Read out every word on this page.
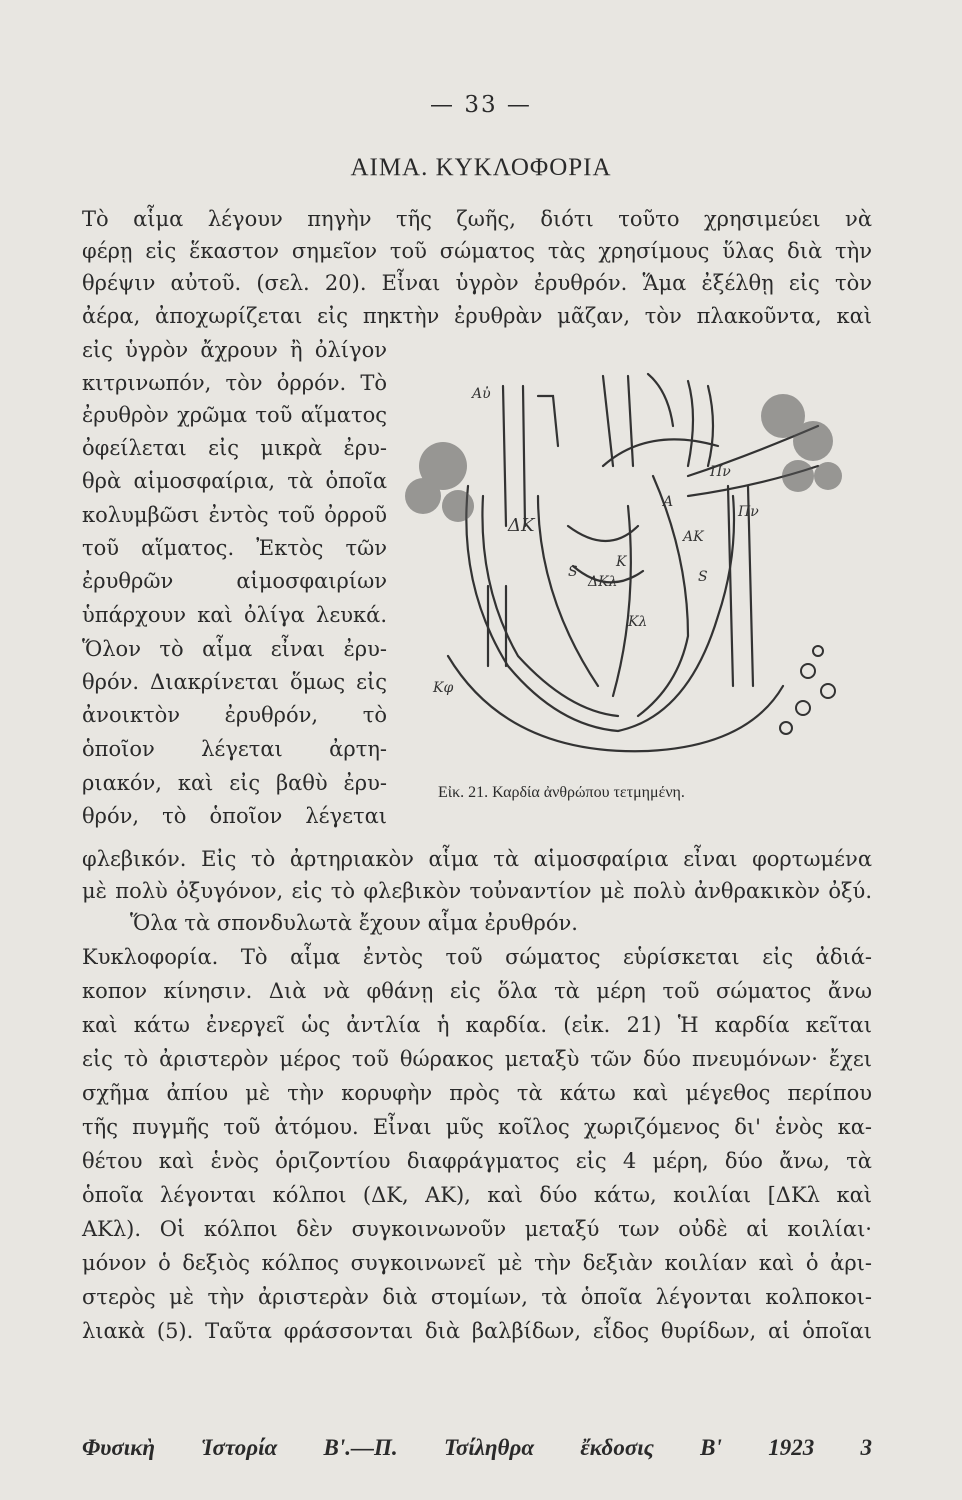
— 33 —
ΑΙΜΑ. ΚΥΚΛΟΦΟΡΙΑ
Τὸ αἷμα λέγουν πηγὴν τῆς ζωῆς, διότι τοῦτο χρησιμεύει νὰ
φέρῃ εἰς ἕκαστον σημεῖον τοῦ σώματος τὰς χρησίμους ὕλας διὰ τὴν
θρέψιν αὐτοῦ. (σελ. 20). Εἶναι ὑγρὸν ἐρυθρόν. Ἅμα ἐξέλθῃ εἰς τὸν
ἀέρα, ἀποχωρίζεται εἰς πηκτὴν ἐρυθρὰν μᾶζαν, τὸν πλακοῦντα, καὶ
εἰς ὑγρὸν ἄχρουν ἢ ὀλίγον
κιτρινωπόν, τὸν ὀρρόν. Τὸ
ἐρυθρὸν χρῶμα τοῦ αἵματος
ὀφείλεται εἰς μικρὰ ἐρυ-
θρὰ αἱμοσφαίρια, τὰ ὁποῖα
κολυμβῶσι ἐντὸς τοῦ ὀρροῦ
τοῦ αἵματος. Ἐκτὸς τῶν
ἐρυθρῶν αἱμοσφαιρίων
ὑπάρχουν καὶ ὀλίγα λευκά.
Ὅλον τὸ αἷμα εἶναι ἐρυ-
θρόν. Διακρίνεται ὅμως εἰς
ἀνοικτὸν ἐρυθρόν, τὸ
ὁποῖον λέγεται ἀρτη-
ριακόν, καὶ εἰς βαθὺ ἐρυ-
θρόν, τὸ ὁποῖον λέγεται
Αὐ
ΔΚ
Πν
Πν
ΑΚ
ΔΚλ
Κλ
Κφ
S	S
Α
Κ
Εἰκ. 21. Καρδία ἀνθρώπου τετμημένη.
φλεβικόν. Εἰς τὸ ἀρτηριακὸν αἷμα τὰ αἱμοσφαίρια εἶναι φορτωμένα
μὲ πολὺ ὀξυγόνον, εἰς τὸ φλεβικὸν τοὐναντίον μὲ πολὺ ἀνθρακικὸν ὀξύ.
Ὅλα τὰ σπονδυλωτὰ ἔχουν αἷμα ἐρυθρόν.
Κυκλοφορία. Τὸ αἷμα ἐντὸς τοῦ σώματος εὑρίσκεται εἰς ἀδιά-
κοπον κίνησιν. Διὰ νὰ φθάνῃ εἰς ὅλα τὰ μέρη τοῦ σώματος ἄνω
καὶ κάτω ἐνεργεῖ ὡς ἀντλία ἡ καρδία. (εἰκ. 21) Ἡ καρδία κεῖται
εἰς τὸ ἀριστερὸν μέρος τοῦ θώρακος μεταξὺ τῶν δύο πνευμόνων· ἔχει
σχῆμα ἀπίου μὲ τὴν κορυφὴν πρὸς τὰ κάτω καὶ μέγεθος περίπου
τῆς πυγμῆς τοῦ ἀτόμου. Εἶναι μῦς κοῖλος χωριζόμενος δι' ἑνὸς κα-
θέτου καὶ ἑνὸς ὁριζοντίου διαφράγματος εἰς 4 μέρη, δύο ἄνω, τὰ
ὁποῖα λέγονται κόλποι (ΔΚ, ΑΚ), καὶ δύο κάτω, κοιλίαι [ΔΚλ καὶ
ΑΚλ). Οἱ κόλποι δὲν συγκοινωνοῦν μεταξύ των οὐδὲ αἱ κοιλίαι·
μόνον ὁ δεξιὸς κόλπος συγκοινωνεῖ μὲ τὴν δεξιὰν κοιλίαν καὶ ὁ ἀρι-
στερὸς μὲ τὴν ἀριστερὰν διὰ στομίων, τὰ ὁποῖα λέγονται κολποκοι-
λιακὰ (5). Ταῦτα φράσσονται διὰ βαλβίδων, εἶδος θυρίδων, αἱ ὁποῖαι
Φυσικὴ Ἱστορία Β'.—Π. Τσίληθρα ἔκδοσις Β' 1923 3
